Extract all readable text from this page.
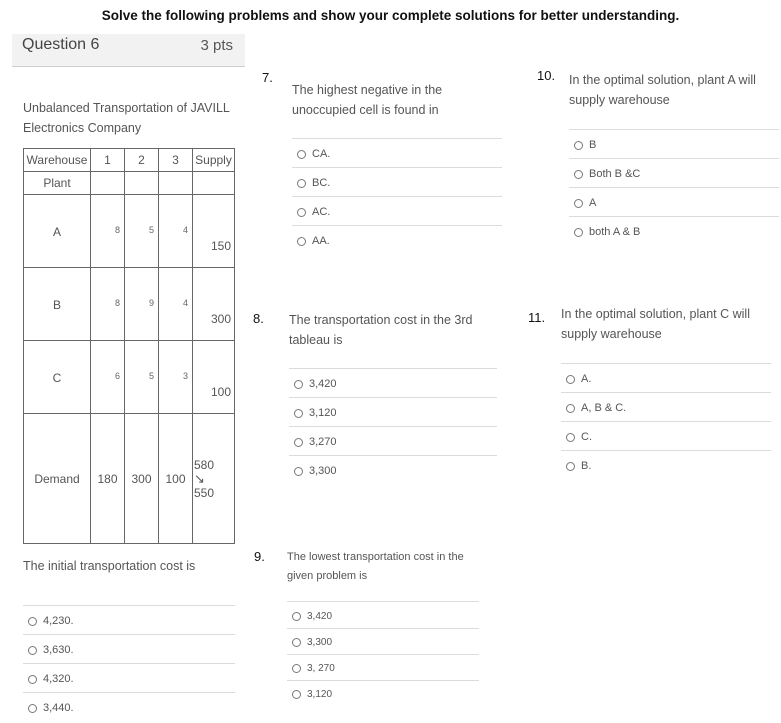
Solve the following problems and show your complete solutions for better understanding.
Question 6	3 pts
Unbalanced Transportation of JAVILL
Electronics Company
Warehouse	1	2	3	Supply
Plant				
A	8	5	4	150

B	8	9	4	300

C	6	5	3	100

Demand	180	300	100	580
↘
550
The initial transportation cost is
4,230.
3,630.
4,320.
3,440.
7.
The highest negative in the
unoccupied cell is found in
CA.
BC.
AC.
AA.
8. The transportation cost in the 3rd
tableau is
3,420
3,120
3,270
3,300
9. The lowest transportation cost in the
given problem is
3,420
3,300
3, 270
3,120
10. In the optimal solution, plant A will
supply warehouse
B
Both B &C
A
both A & B
11. In the optimal solution, plant C will
supply warehouse
A.
A, B & C.
C.
B.
